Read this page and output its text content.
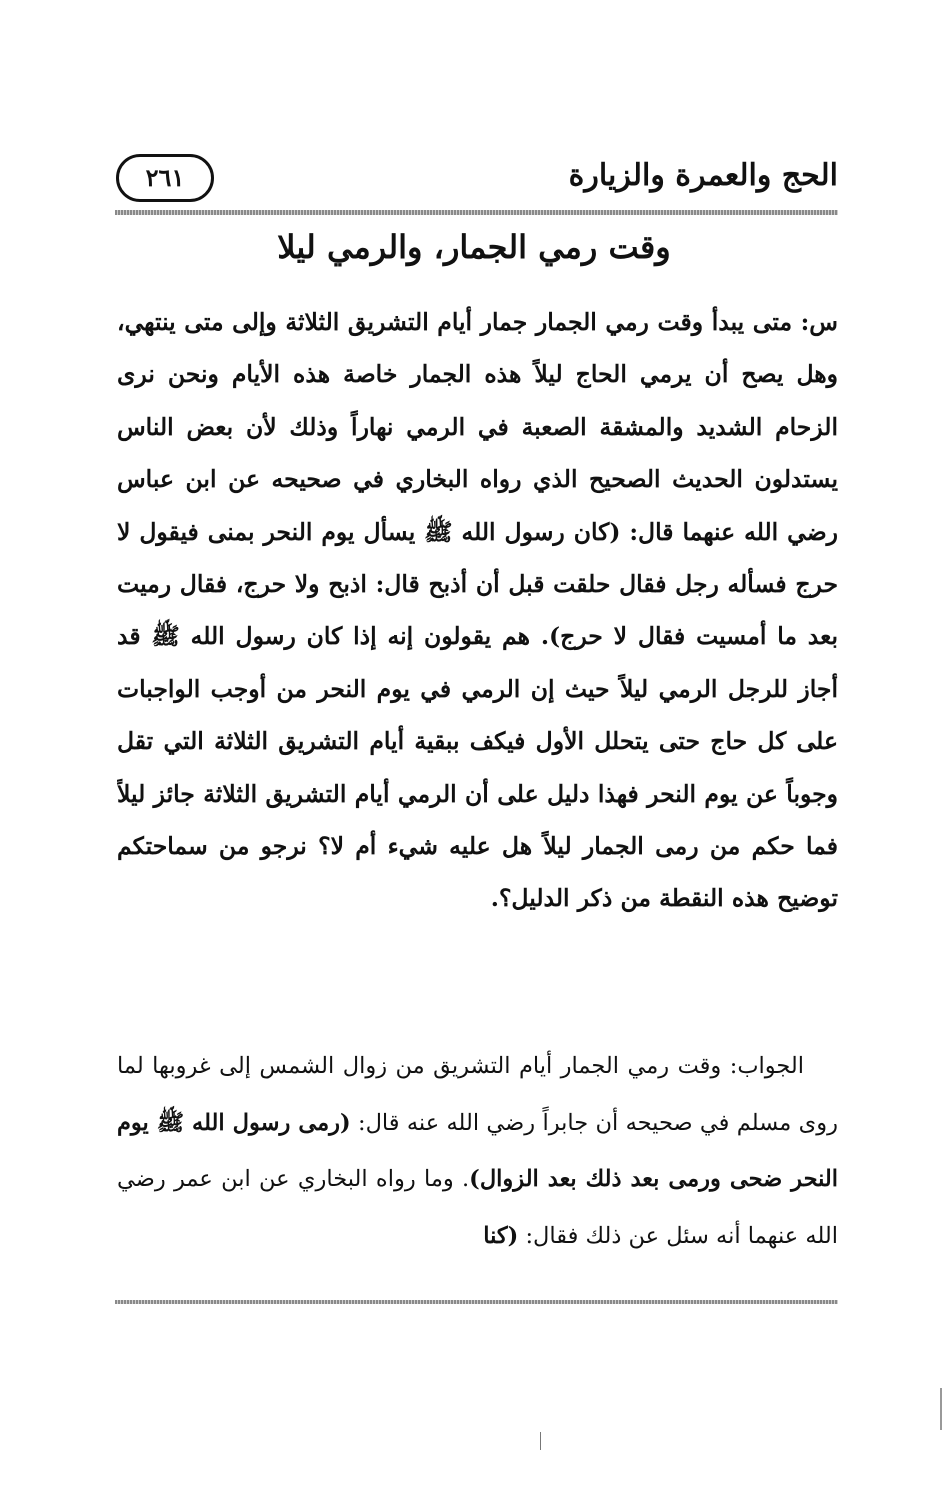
الحج والعمرة والزيارة
٢٦١
وقت رمي الجمار، والرمي ليلا

س: متى يبدأ وقت رمي الجمار جمار أيام التشريق الثلاثة وإلى متى ينتهي، وهل يصح أن يرمي الحاج ليلاً هذه الجمار خاصة هذه الأيام ونحن نرى الزحام الشديد والمشقة الصعبة في الرمي نهاراً وذلك لأن بعض الناس يستدلون الحديث الصحيح الذي رواه البخاري في صحيحه عن ابن عباس رضي الله عنهما قال: (كان رسول الله ﷺ يسأل يوم النحر بمنى فيقول لا حرج فسأله رجل فقال حلقت قبل أن أذبح قال: اذبح ولا حرج، فقال رميت بعد ما أمسيت فقال لا حرج). هم يقولون إنه إذا كان رسول الله ﷺ قد أجاز للرجل الرمي ليلاً حيث إن الرمي في يوم النحر من أوجب الواجبات على كل حاج حتى يتحلل الأول فيكف ببقية أيام التشريق الثلاثة التي تقل وجوباً عن يوم النحر فهذا دليل على أن الرمي أيام التشريق الثلاثة جائز ليلاً فما حكم من رمى الجمار ليلاً هل عليه شيء أم لا؟ نرجو من سماحتكم توضيح هذه النقطة من ذكر الدليل؟.

الجواب: وقت رمي الجمار أيام التشريق من زوال الشمس إلى غروبها لما روى مسلم في صحيحه أن جابراً رضي الله عنه قال: (رمى رسول الله ﷺ يوم النحر ضحى ورمى بعد ذلك بعد الزوال). وما رواه البخاري عن ابن عمر رضي الله عنهما أنه سئل عن ذلك فقال: (كنا
